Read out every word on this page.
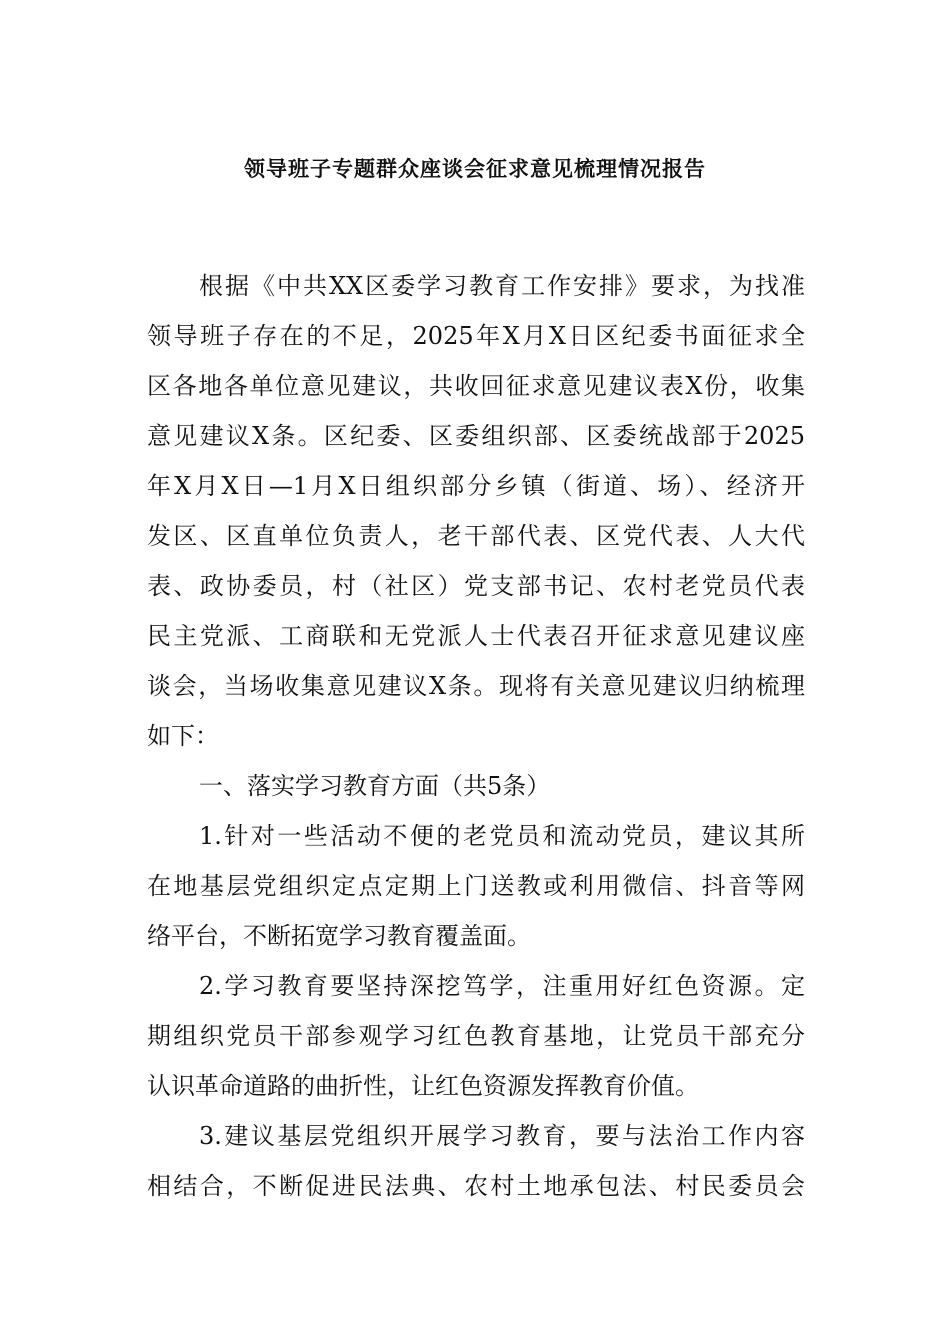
领导班子专题群众座谈会征求意见梳理情况报告
根据《中共XX区委学习教育工作安排》要求，为找准
领导班子存在的不足，2025年X月X日区纪委书面征求全
区各地各单位意见建议，共收回征求意见建议表X份，收集
意见建议X条。区纪委、区委组织部、区委统战部于2025
年X月X日—1月X日组织部分乡镇（街道、场）、经济开
发区、区直单位负责人，老干部代表、区党代表、人大代
表、政协委员，村（社区）党支部书记、农村老党员代表
民主党派、工商联和无党派人士代表召开征求意见建议座
谈会，当场收集意见建议X条。现将有关意见建议归纳梳理
如下：
一、落实学习教育方面（共5条）
1.针对一些活动不便的老党员和流动党员，建议其所
在地基层党组织定点定期上门送教或利用微信、抖音等网
络平台，不断拓宽学习教育覆盖面。
2.学习教育要坚持深挖笃学，注重用好红色资源。定
期组织党员干部参观学习红色教育基地，让党员干部充分
认识革命道路的曲折性，让红色资源发挥教育价值。
3.建议基层党组织开展学习教育，要与法治工作内容
相结合，不断促进民法典、农村土地承包法、村民委员会
